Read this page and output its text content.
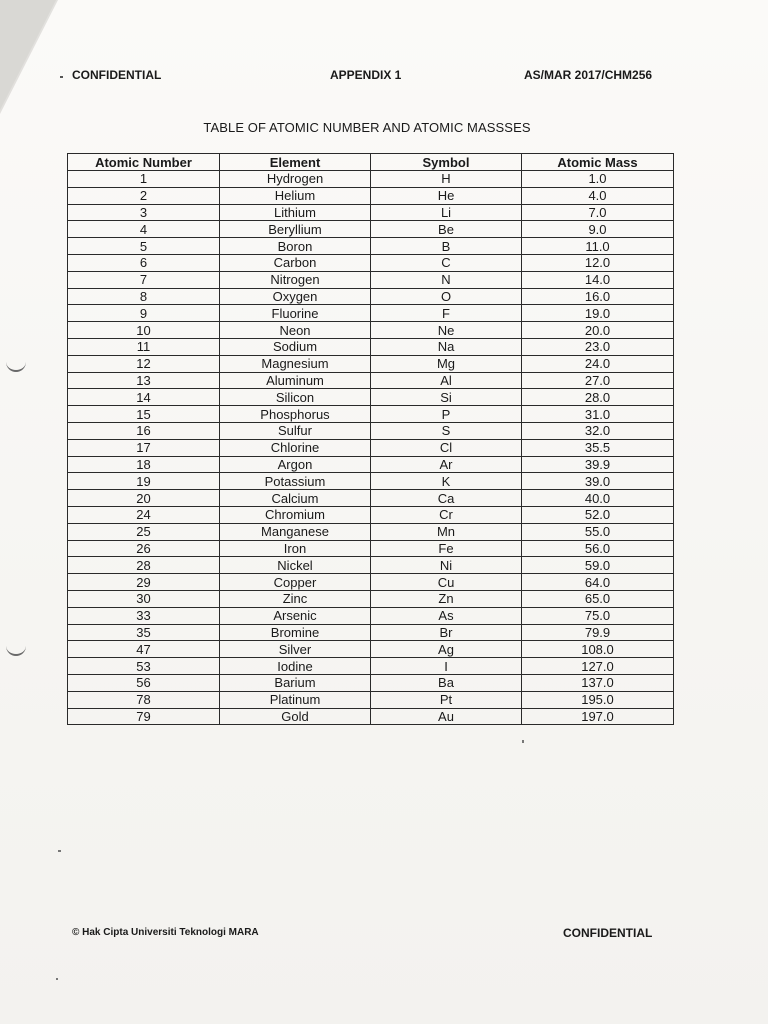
CONFIDENTIAL	APPENDIX 1	AS/MAR 2017/CHM256
TABLE OF ATOMIC NUMBER AND ATOMIC MASSSES
Atomic Number	Element	Symbol	Atomic Mass
1	Hydrogen	H	1.0
2	Helium	He	4.0
3	Lithium	Li	7.0
4	Beryllium	Be	9.0
5	Boron	B	11.0
6	Carbon	C	12.0
7	Nitrogen	N	14.0
8	Oxygen	O	16.0
9	Fluorine	F	19.0
10	Neon	Ne	20.0
11	Sodium	Na	23.0
12	Magnesium	Mg	24.0
13	Aluminum	Al	27.0
14	Silicon	Si	28.0
15	Phosphorus	P	31.0
16	Sulfur	S	32.0
17	Chlorine	Cl	35.5
18	Argon	Ar	39.9
19	Potassium	K	39.0
20	Calcium	Ca	40.0
24	Chromium	Cr	52.0
25	Manganese	Mn	55.0
26	Iron	Fe	56.0
28	Nickel	Ni	59.0
29	Copper	Cu	64.0
30	Zinc	Zn	65.0
33	Arsenic	As	75.0
35	Bromine	Br	79.9
47	Silver	Ag	108.0
53	Iodine	I	127.0
56	Barium	Ba	137.0
78	Platinum	Pt	195.0
79	Gold	Au	197.0
© Hak Cipta Universiti Teknologi MARA	CONFIDENTIAL
